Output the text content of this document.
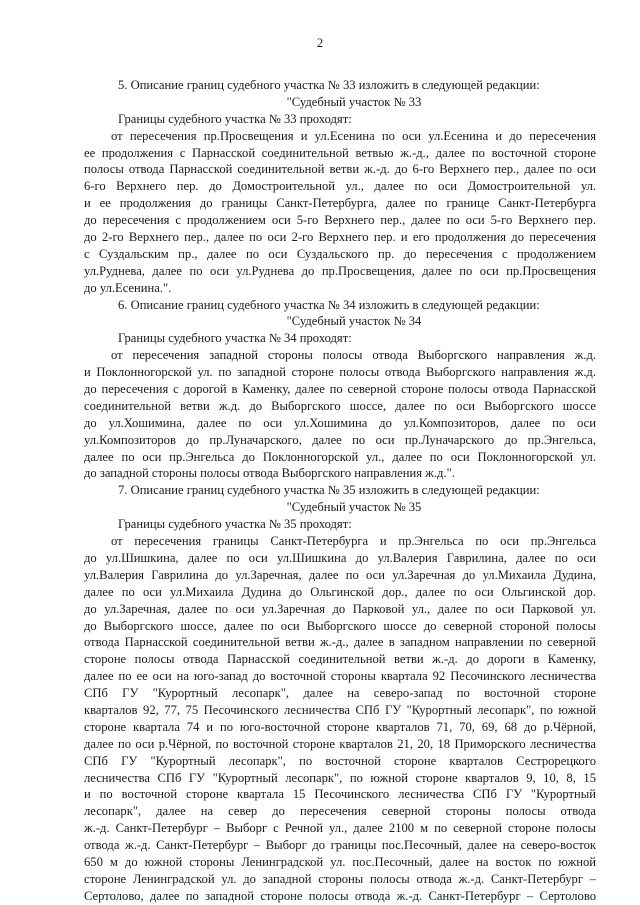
2
5. Описание границ судебного участка № 33 изложить в следующей редакции:
"Судебный участок № 33
Границы судебного участка № 33 проходят:
от пересечения пр.Просвещения и ул.Есенина по оси ул.Есенина и до пересечения
ее продолжения с Парнасской соединительной ветвью ж.-д., далее по восточной стороне
полосы отвода Парнасской соединительной ветви ж.-д. до 6-го Верхнего пер., далее по оси
6-го Верхнего пер. до Домостроительной ул., далее по оси Домостроительной ул.
и ее продолжения до границы Санкт-Петербурга, далее по границе Санкт-Петербурга
до пересечения с продолжением оси 5-го Верхнего пер., далее по оси 5-го Верхнего пер.
до 2-го Верхнего пер., далее по оси 2-го Верхнего пер. и его продолжения до пересечения
с Суздальским пр., далее по оси Суздальского пр. до пересечения с продолжением
ул.Руднева, далее по оси ул.Руднева до пр.Просвещения, далее по оси пр.Просвещения
до ул.Есенина.".
6. Описание границ судебного участка № 34 изложить в следующей редакции:
"Судебный участок № 34
Границы судебного участка № 34 проходят:
от пересечения западной стороны полосы отвода Выборгского направления ж.д.
и Поклонногорской ул. по западной стороне полосы отвода Выборгского направления ж.д.
до пересечения с дорогой в Каменку, далее по северной стороне полосы отвода Парнасской
соединительной ветви ж.д. до Выборгского шоссе, далее по оси Выборгского шоссе
до ул.Хошимина, далее по оси ул.Хошимина до ул.Композиторов, далее по оси
ул.Композиторов до пр.Луначарского, далее по оси пр.Луначарского до пр.Энгельса,
далее по оси пр.Энгельса до Поклонногорской ул., далее по оси Поклонногорской ул.
до западной стороны полосы отвода Выборгского направления ж.д.".
7. Описание границ судебного участка № 35 изложить в следующей редакции:
"Судебный участок № 35
Границы судебного участка № 35 проходят:
от пересечения границы Санкт-Петербурга и пр.Энгельса по оси пр.Энгельса
до ул.Шишкина, далее по оси ул.Шишкина до ул.Валерия Гаврилина, далее по оси
ул.Валерия Гаврилина до ул.Заречная, далее по оси ул.Заречная до ул.Михаила Дудина,
далее по оси ул.Михаила Дудина до Ольгинской дор., далее по оси Ольгинской дор.
до ул.Заречная, далее по оси ул.Заречная до Парковой ул., далее по оси Парковой ул.
до Выборгского шоссе, далее по оси Выборгского шоссе до северной стороной полосы
отвода Парнасской соединительной ветви ж.-д., далее в западном направлении по северной
стороне полосы отвода Парнасской соединительной ветви ж.-д. до дороги в Каменку,
далее по ее оси на юго-запад до восточной стороны квартала 92 Песочинского лесничества
СПб ГУ "Курортный лесопарк", далее на северо-запад по восточной стороне
кварталов 92, 77, 75 Песочинского лесничества СПб ГУ "Курортный лесопарк", по южной
стороне квартала 74 и по юго-восточной стороне кварталов 71, 70, 69, 68 до р.Чёрной,
далее по оси р.Чёрной, по восточной стороне кварталов 21, 20, 18 Приморского лесничества
СПб ГУ "Курортный лесопарк", по восточной стороне кварталов Сестрорецкого
лесничества СПб ГУ "Курортный лесопарк", по южной стороне кварталов 9, 10, 8, 15
и по восточной стороне квартала 15 Песочинского лесничества СПб ГУ "Курортный
лесопарк", далее на север до пересечения северной стороны полосы отвода
ж.-д. Санкт-Петербург – Выборг с Речной ул., далее 2100 м по северной стороне полосы
отвода ж.-д. Санкт-Петербург – Выборг до границы пос.Песочный, далее на северо-восток
650 м до южной стороны Ленинградской ул. пос.Песочный, далее на восток по южной
стороне Ленинградской ул. до западной стороны полосы отвода ж.-д. Санкт-Петербург –
Сертолово, далее по западной стороне полосы отвода ж.-д. Санкт-Петербург – Сертолово
